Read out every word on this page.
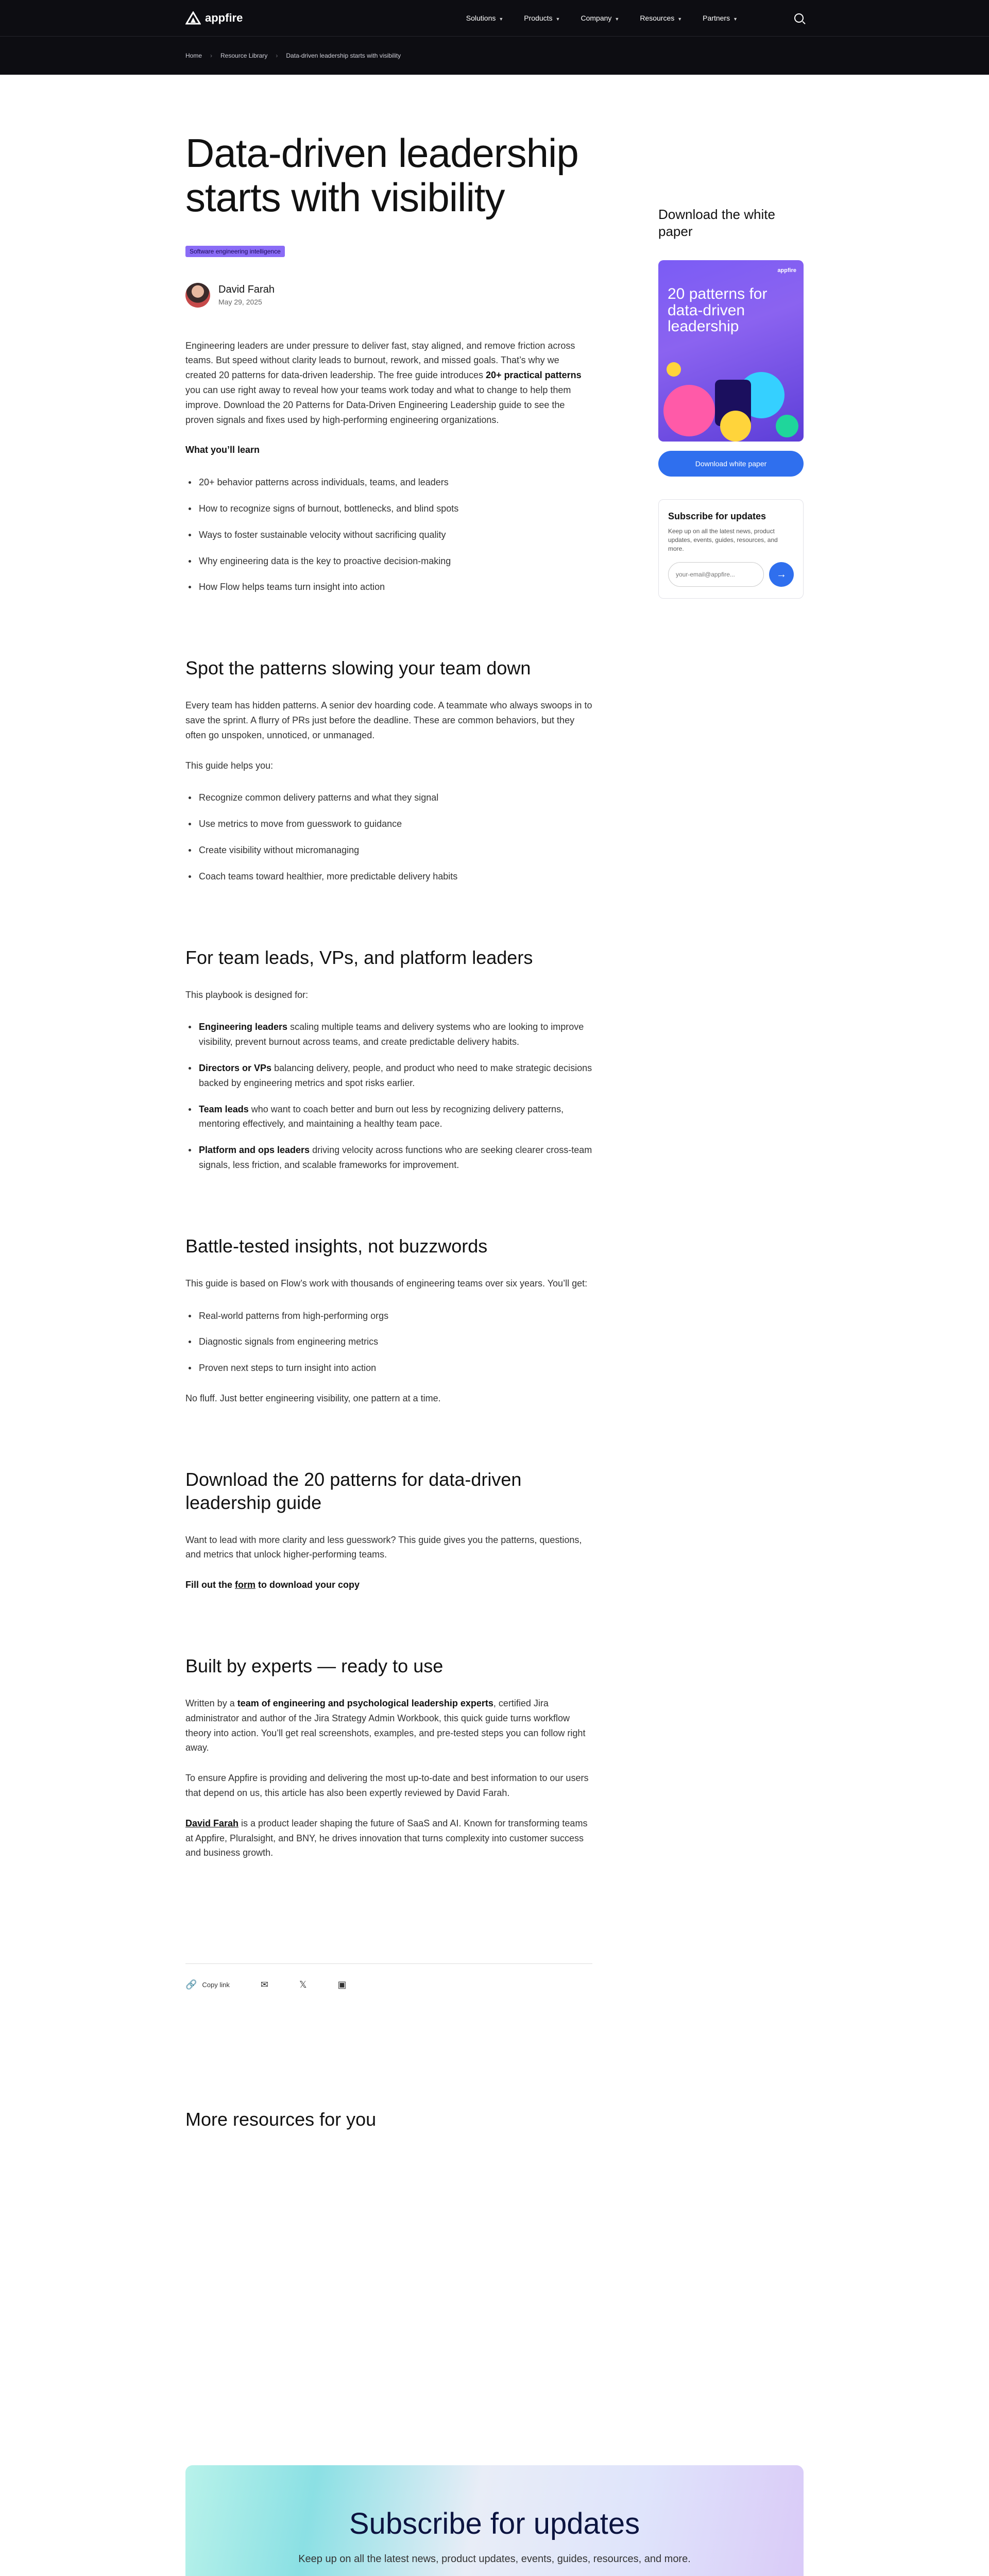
appfire	Solutions ▼	Products ▼	Company ▼	Resources ▼	Partners ▼
Home › Resource Library › Data-driven leadership starts with visibility
Data-driven leadership starts with visibility
Software engineering intelligence
David Farah
May 29, 2025

Engineering leaders are under pressure to deliver fast, stay aligned, and remove friction across teams. But speed without clarity leads to burnout, rework, and missed goals. That’s why we created 20 patterns for data-driven leadership. The free guide introduces 20+ practical patterns you can use right away to reveal how your teams work today and what to change to help them improve. Download the 20 Patterns for Data-Driven Engineering Leadership guide to see the proven signals and fixes used by high-performing engineering organizations.

What you’ll learn

20+ behavior patterns across individuals, teams, and leaders
How to recognize signs of burnout, bottlenecks, and blind spots
Ways to foster sustainable velocity without sacrificing quality
Why engineering data is the key to proactive decision-making
How Flow helps teams turn insight into action
Spot the patterns slowing your team down

Every team has hidden patterns. A senior dev hoarding code. A teammate who always swoops in to save the sprint. A flurry of PRs just before the deadline. These are common behaviors, but they often go unspoken, unnoticed, or unmanaged.

This guide helps you:

Recognize common delivery patterns and what they signal
Use metrics to move from guesswork to guidance
Create visibility without micromanaging
Coach teams toward healthier, more predictable delivery habits
For team leads, VPs, and platform leaders

This playbook is designed for:

Engineering leaders scaling multiple teams and delivery systems who are looking to improve visibility, prevent burnout across teams, and create predictable delivery habits.
Directors or VPs balancing delivery, people, and product who need to make strategic decisions backed by engineering metrics and spot risks earlier.
Team leads who want to coach better and burn out less by recognizing delivery patterns, mentoring effectively, and maintaining a healthy team pace.
Platform and ops leaders driving velocity across functions who are seeking clearer cross-team signals, less friction, and scalable frameworks for improvement.
Battle-tested insights, not buzzwords

This guide is based on Flow’s work with thousands of engineering teams over six years. You’ll get:

Real-world patterns from high-performing orgs
Diagnostic signals from engineering metrics
Proven next steps to turn insight into action

No fluff. Just better engineering visibility, one pattern at a time.

Download the 20 patterns for data-driven leadership guide

Want to lead with more clarity and less guesswork? This guide gives you the patterns, questions, and metrics that unlock higher-performing teams.

Fill out the form to download your copy

Built by experts — ready to use

Written by a team of engineering and psychological leadership experts, certified Jira administrator and author of the Jira Strategy Admin Workbook, this quick guide turns workflow theory into action. You’ll get real screenshots, examples, and pre-tested steps you can follow right away.

To ensure Appfire is providing and delivering the most up-to-date and best information to our users that depend on us, this article has also been expertly reviewed by David Farah.

David Farah is a product leader shaping the future of SaaS and AI. Known for transforming teams at Appfire, Pluralsight, and BNY, he drives innovation that turns complexity into customer success and business growth.

🔗 Copy link	✉	𝕏	▣
More resources for you
Download the white paper
appfire
20 patterns for data-driven leadership
Download white paper
Subscribe for updates
Keep up on all the latest news, product updates, events, guides, resources, and more.
your-email@appfire...
→
Subscribe for updates

Keep up on all the latest news, product updates, events, guides, resources, and more.
